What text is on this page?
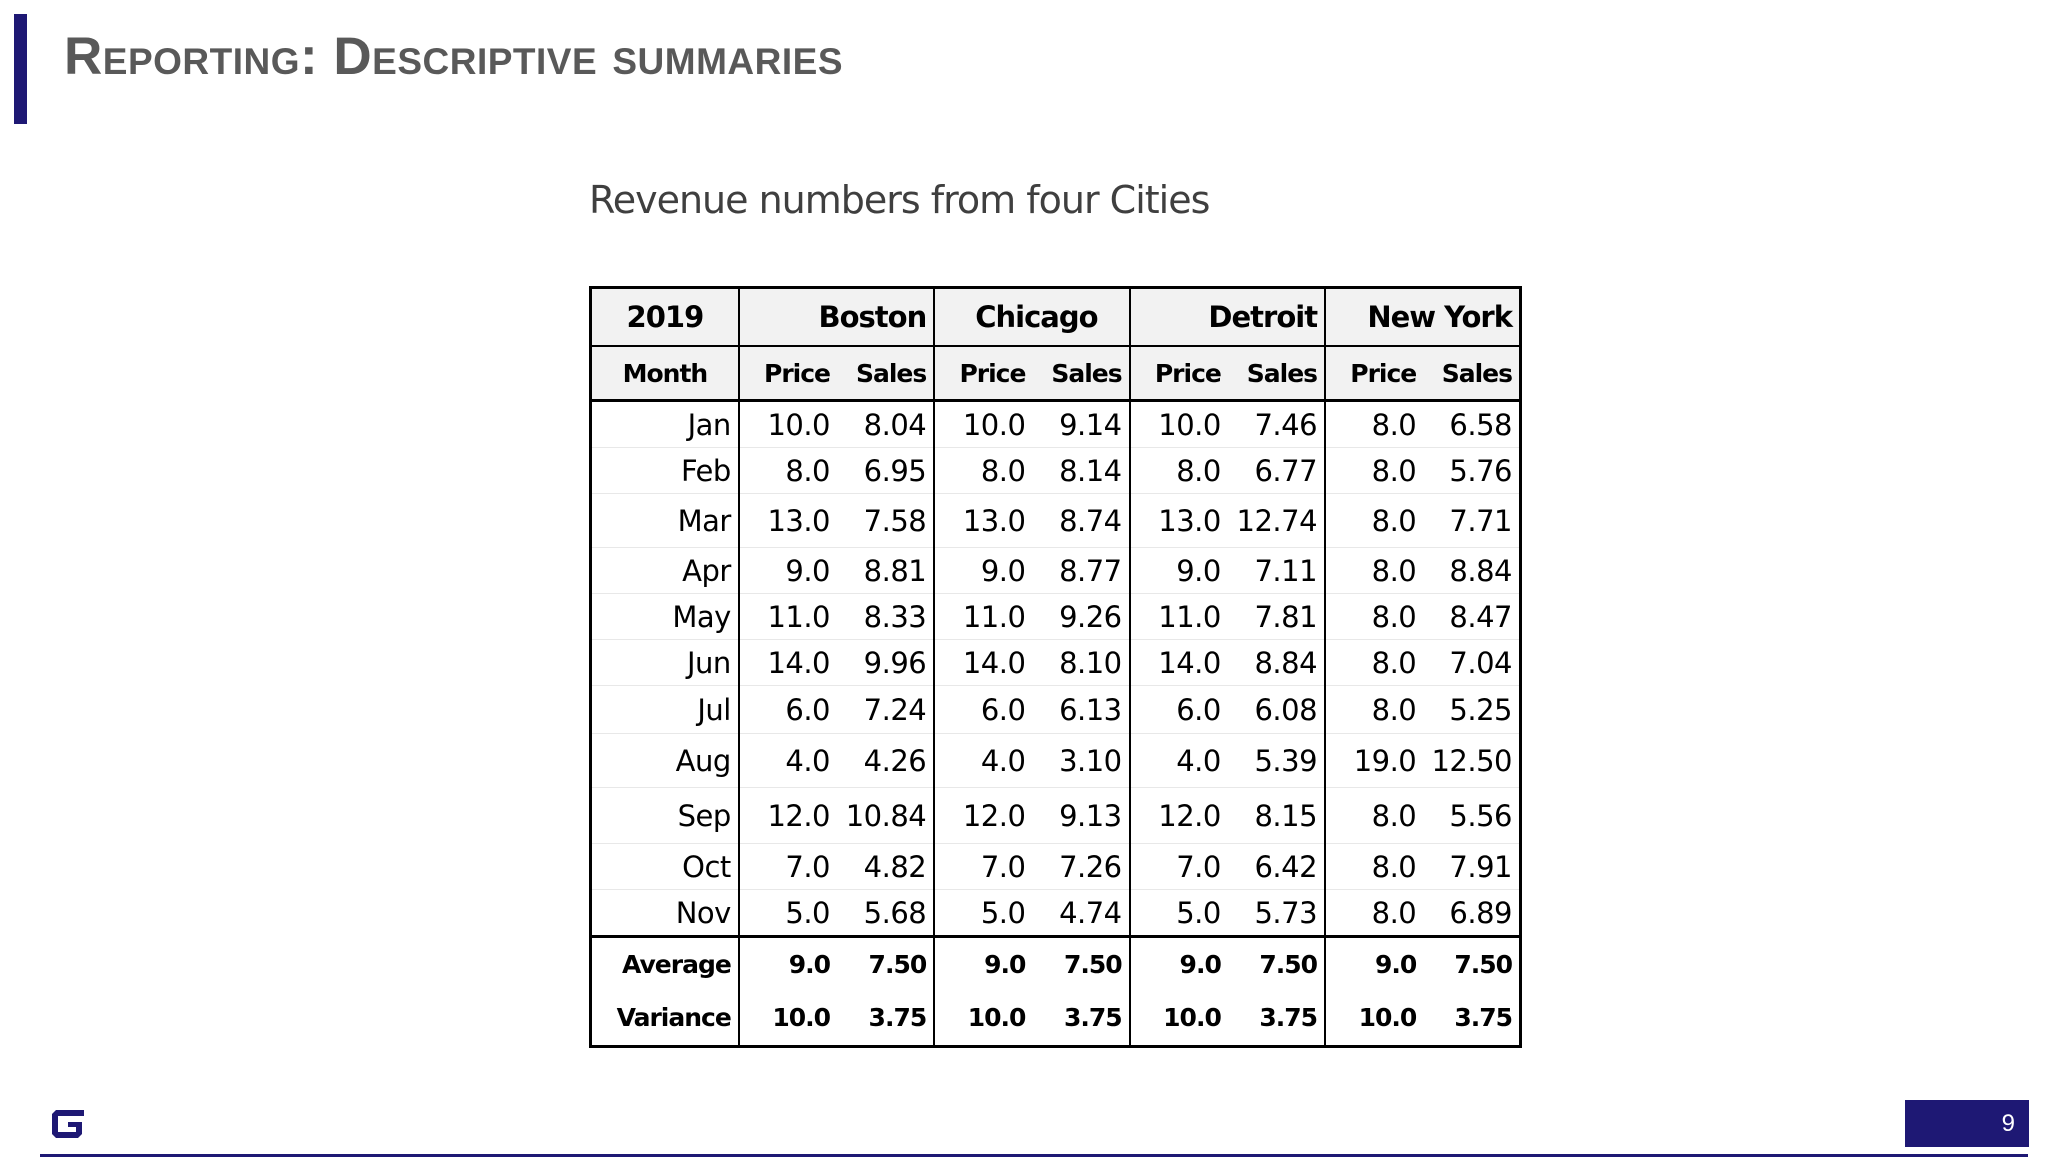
Reporting: Descriptive summaries
Revenue numbers from four Cities
2019	Boston		Chicago		Detroit		New York	
Month	Price	Sales	Price	Sales	Price	Sales	Price	Sales
Jan	10.0	8.04	10.0	9.14	10.0	7.46	8.0	6.58
Feb	8.0	6.95	8.0	8.14	8.0	6.77	8.0	5.76
Mar	13.0	7.58	13.0	8.74	13.0	12.74	8.0	7.71
Apr	9.0	8.81	9.0	8.77	9.0	7.11	8.0	8.84
May	11.0	8.33	11.0	9.26	11.0	7.81	8.0	8.47
Jun	14.0	9.96	14.0	8.10	14.0	8.84	8.0	7.04
Jul	6.0	7.24	6.0	6.13	6.0	6.08	8.0	5.25
Aug	4.0	4.26	4.0	3.10	4.0	5.39	19.0	12.50
Sep	12.0	10.84	12.0	9.13	12.0	8.15	8.0	5.56
Oct	7.0	4.82	7.0	7.26	7.0	6.42	8.0	7.91
Nov	5.0	5.68	5.0	4.74	5.0	5.73	8.0	6.89
Average	9.0	7.50	9.0	7.50	9.0	7.50	9.0	7.50
Variance	10.0	3.75	10.0	3.75	10.0	3.75	10.0	3.75
9
